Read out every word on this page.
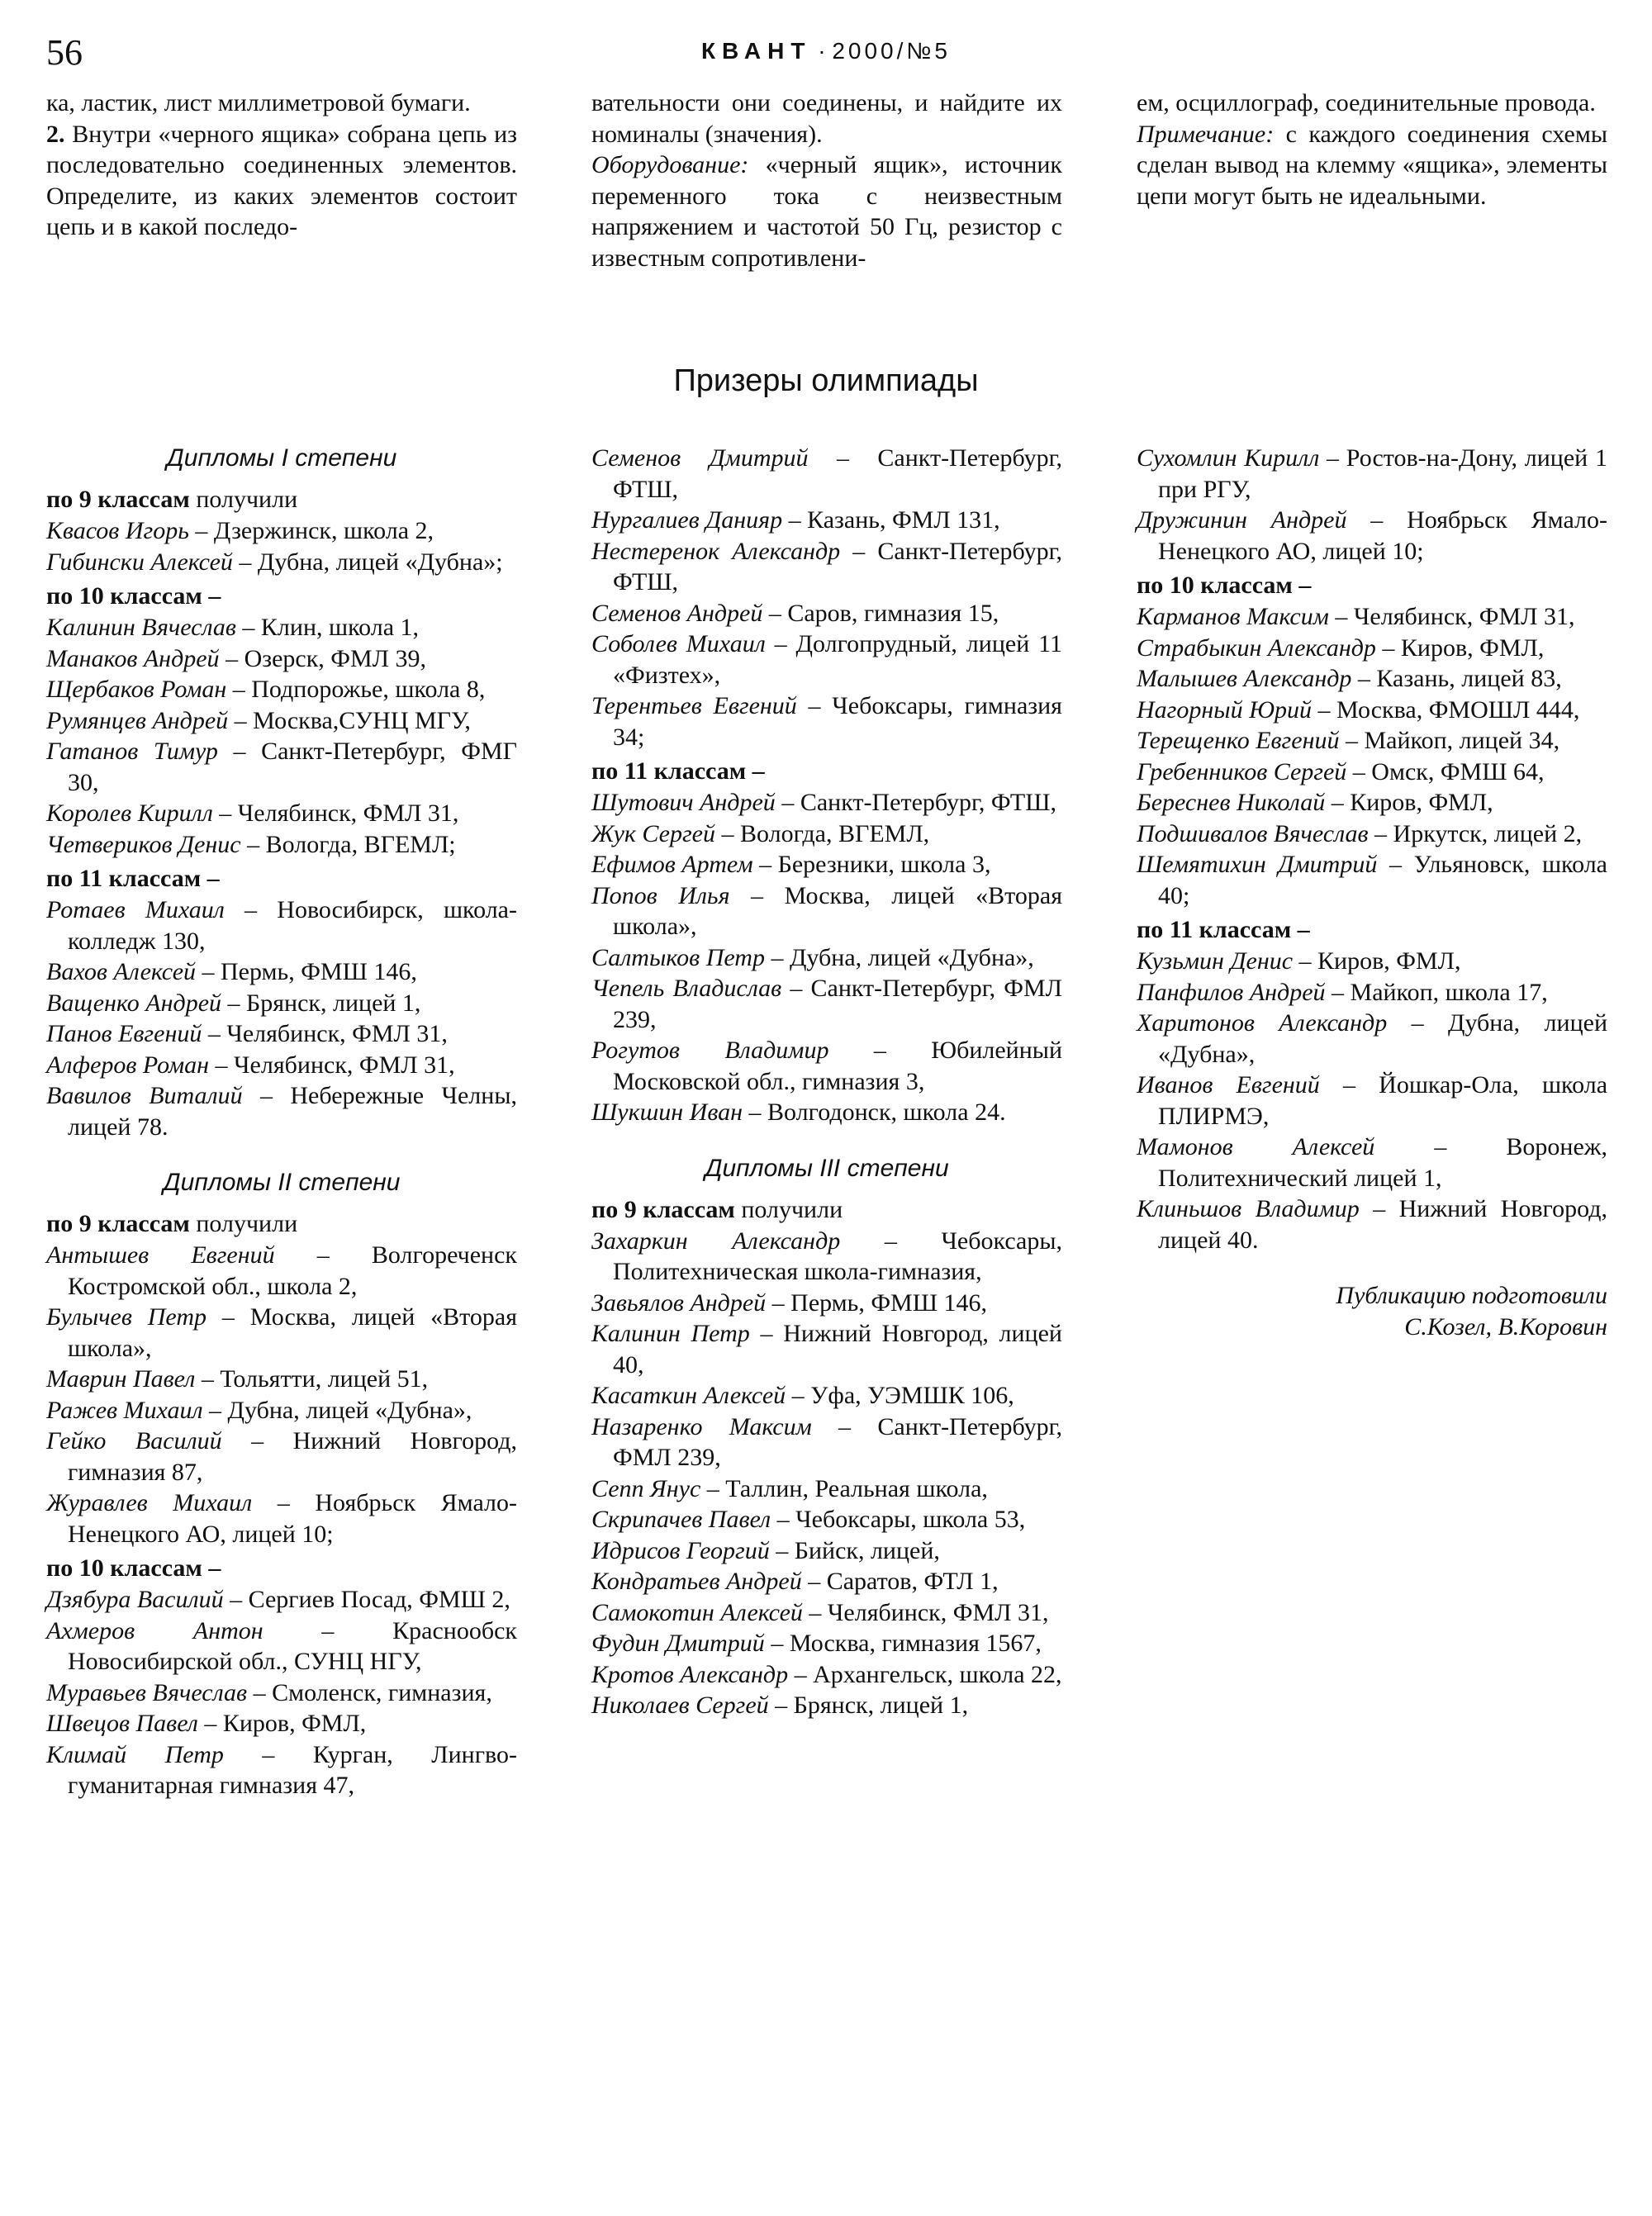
56	КВАНТ · 2000/№5

ка, ластик, лист миллиметровой бумаги.

2. Внутри «черного ящика» собрана цепь из последовательно соединенных элементов. Определите, из каких элементов состоит цепь и в какой последо-

вательности они соединены, и найдите их номиналы (значения).

Оборудование: «черный ящик», источник переменного тока с неизвестным напряжением и частотой 50 Гц, резистор с известным сопротивлени-

ем, осциллограф, соединительные провода.

Примечание: с каждого соединения схемы сделан вывод на клемму «ящика», элементы цепи могут быть не идеальными.

Призеры олимпиады
Дипломы I степени
по 9 классам получили

Квасов Игорь – Дзержинск, школа 2,

Гибински Алексей – Дубна, лицей «Дубна»;

по 10 классам –

Калинин Вячеслав – Клин, школа 1,

Манаков Андрей – Озерск, ФМЛ 39,

Щербаков Роман – Подпорожье, школа 8,

Румянцев Андрей – Москва,СУНЦ МГУ,

Гатанов Тимур – Санкт-Петербург, ФМГ 30,

Королев Кирилл – Челябинск, ФМЛ 31,

Четвериков Денис – Вологда, ВГЕМЛ;

по 11 классам –

Ротаев Михаил – Новосибирск, школа-колледж 130,

Вахов Алексей – Пермь, ФМШ 146,

Ващенко Андрей – Брянск, лицей 1,

Панов Евгений – Челябинск, ФМЛ 31,

Алферов Роман – Челябинск, ФМЛ 31,

Вавилов Виталий – Небережные Челны, лицей 78.

Дипломы II степени
по 9 классам получили

Антышев Евгений – Волгореченск Костромской обл., школа 2,

Булычев Петр – Москва, лицей «Вторая школа»,

Маврин Павел – Тольятти, лицей 51,

Ражев Михаил – Дубна, лицей «Дубна»,

Гейко Василий – Нижний Новгород, гимназия 87,

Журавлев Михаил – Ноябрьск Ямало-Ненецкого АО, лицей 10;

по 10 классам –

Дзябура Василий – Сергиев Посад, ФМШ 2,

Ахмеров Антон – Краснообск Новосибирской обл., СУНЦ НГУ,

Муравьев Вячеслав – Смоленск, гимназия,

Швецов Павел – Киров, ФМЛ,

Климай Петр – Курган, Лингво-гуманитарная гимназия 47,

Семенов Дмитрий – Санкт-Петербург, ФТШ,

Нургалиев Данияр – Казань, ФМЛ 131,

Нестеренок Александр – Санкт-Петербург, ФТШ,

Семенов Андрей – Саров, гимназия 15,

Соболев Михаил – Долгопрудный, лицей 11 «Физтех»,

Терентьев Евгений – Чебоксары, гимназия 34;

по 11 классам –

Шутович Андрей – Санкт-Петербург, ФТШ,

Жук Сергей – Вологда, ВГЕМЛ,

Ефимов Артем – Березники, школа 3,

Попов Илья – Москва, лицей «Вторая школа»,

Салтыков Петр – Дубна, лицей «Дубна»,

Чепель Владислав – Санкт-Петербург, ФМЛ 239,

Рогутов Владимир – Юбилейный Московской обл., гимназия 3,

Шукшин Иван – Волгодонск, школа 24.

Дипломы III степени
по 9 классам получили

Захаркин Александр – Чебоксары, Политехническая школа-гимназия,

Завьялов Андрей – Пермь, ФМШ 146,

Калинин Петр – Нижний Новгород, лицей 40,

Касаткин Алексей – Уфа, УЭМШК 106,

Назаренко Максим – Санкт-Петербург, ФМЛ 239,

Сепп Янус – Таллин, Реальная школа,

Скрипачев Павел – Чебоксары, школа 53,

Идрисов Георгий – Бийск, лицей,

Кондратьев Андрей – Саратов, ФТЛ 1,

Самокотин Алексей – Челябинск, ФМЛ 31,

Фудин Дмитрий – Москва, гимназия 1567,

Кротов Александр – Архангельск, школа 22,

Николаев Сергей – Брянск, лицей 1,

Сухомлин Кирилл – Ростов-на-Дону, лицей 1 при РГУ,

Дружинин Андрей – Ноябрьск Ямало-Ненецкого АО, лицей 10;

по 10 классам –

Карманов Максим – Челябинск, ФМЛ 31,

Страбыкин Александр – Киров, ФМЛ,

Малышев Александр – Казань, лицей 83,

Нагорный Юрий – Москва, ФМОШЛ 444,

Терещенко Евгений – Майкоп, лицей 34,

Гребенников Сергей – Омск, ФМШ 64,

Береснев Николай – Киров, ФМЛ,

Подшивалов Вячеслав – Иркутск, лицей 2,

Шемятихин Дмитрий – Ульяновск, школа 40;

по 11 классам –

Кузьмин Денис – Киров, ФМЛ,

Панфилов Андрей – Майкоп, школа 17,

Харитонов Александр – Дубна, лицей «Дубна»,

Иванов Евгений – Йошкар-Ола, школа ПЛИРМЭ,

Мамонов Алексей – Воронеж, Политехнический лицей 1,

Клиньшов Владимир – Нижний Новгород, лицей 40.

Публикацию подготовили
С.Козел, В.Коровин
